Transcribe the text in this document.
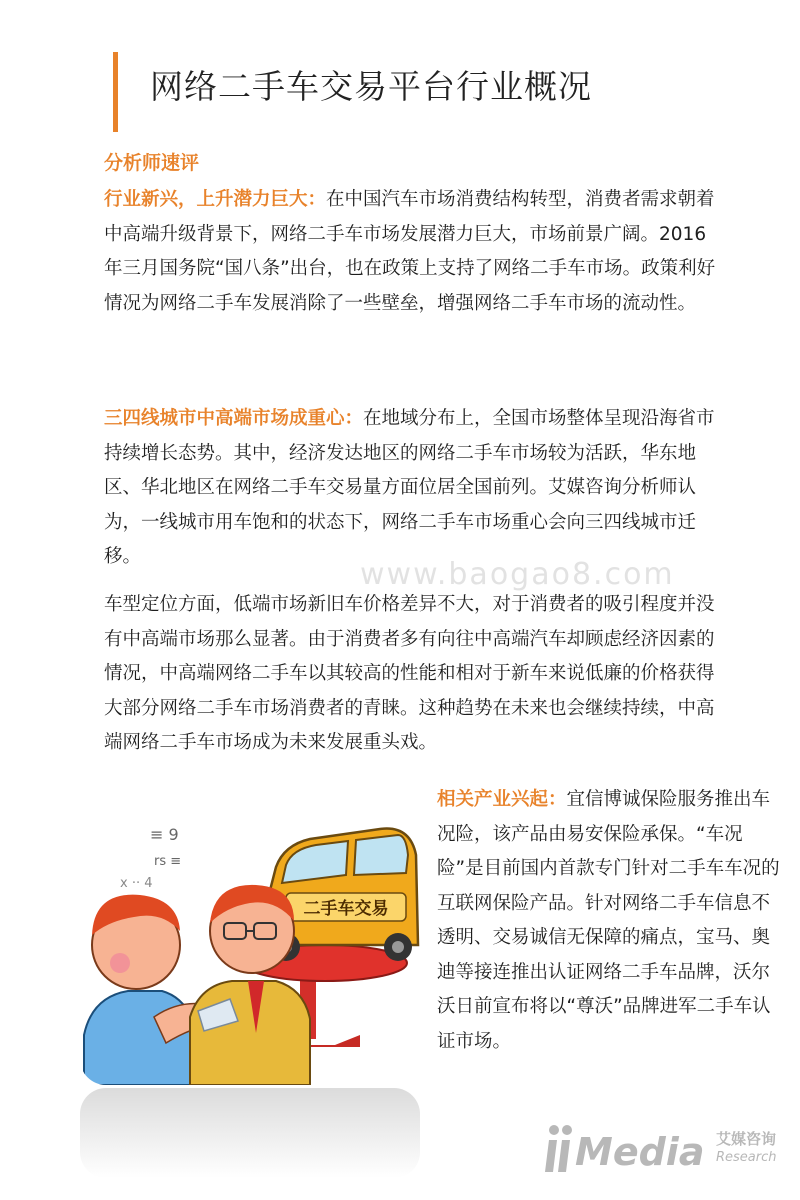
网络二手车交易平台行业概况
分析师速评

行业新兴，上升潜力巨大：在中国汽车市场消费结构转型，消费者需求朝着中高端升级背景下，网络二手车市场发展潜力巨大，市场前景广阔。2016年三月国务院“国八条”出台，也在政策上支持了网络二手车市场。政策利好情况为网络二手车发展消除了一些壁垒，增强网络二手车市场的流动性。

三四线城市中高端市场成重心：在地域分布上，全国市场整体呈现沿海省市持续增长态势。其中，经济发达地区的网络二手车市场较为活跃，华东地区、华北地区在网络二手车交易量方面位居全国前列。艾媒咨询分析师认为，一线城市用车饱和的状态下，网络二手车市场重心会向三四线城市迁移。

车型定位方面，低端市场新旧车价格差异不大，对于消费者的吸引程度并没有中高端市场那么显著。由于消费者多有向往中高端汽车却顾虑经济因素的情况，中高端网络二手车以其较高的性能和相对于新车来说低廉的价格获得大部分网络二手车市场消费者的青睐。这种趋势在未来也会继续持续，中高端网络二手车市场成为未来发展重头戏。

相关产业兴起：宜信博诚保险服务推出车况险，该产品由易安保险承保。“车况险”是目前国内首款专门针对二手车车况的互联网保险产品。针对网络二手车信息不透明、交易诚信无保障的痛点，宝马、奥迪等接连推出认证网络二手车品牌，沃尔沃日前宣布将以“尊沃”品牌进军二手车认证市场。

www.baogao8.com
≡ 9
rs ≡
x ·· 4
二手车交易
Media 艾媒咨询
Research
